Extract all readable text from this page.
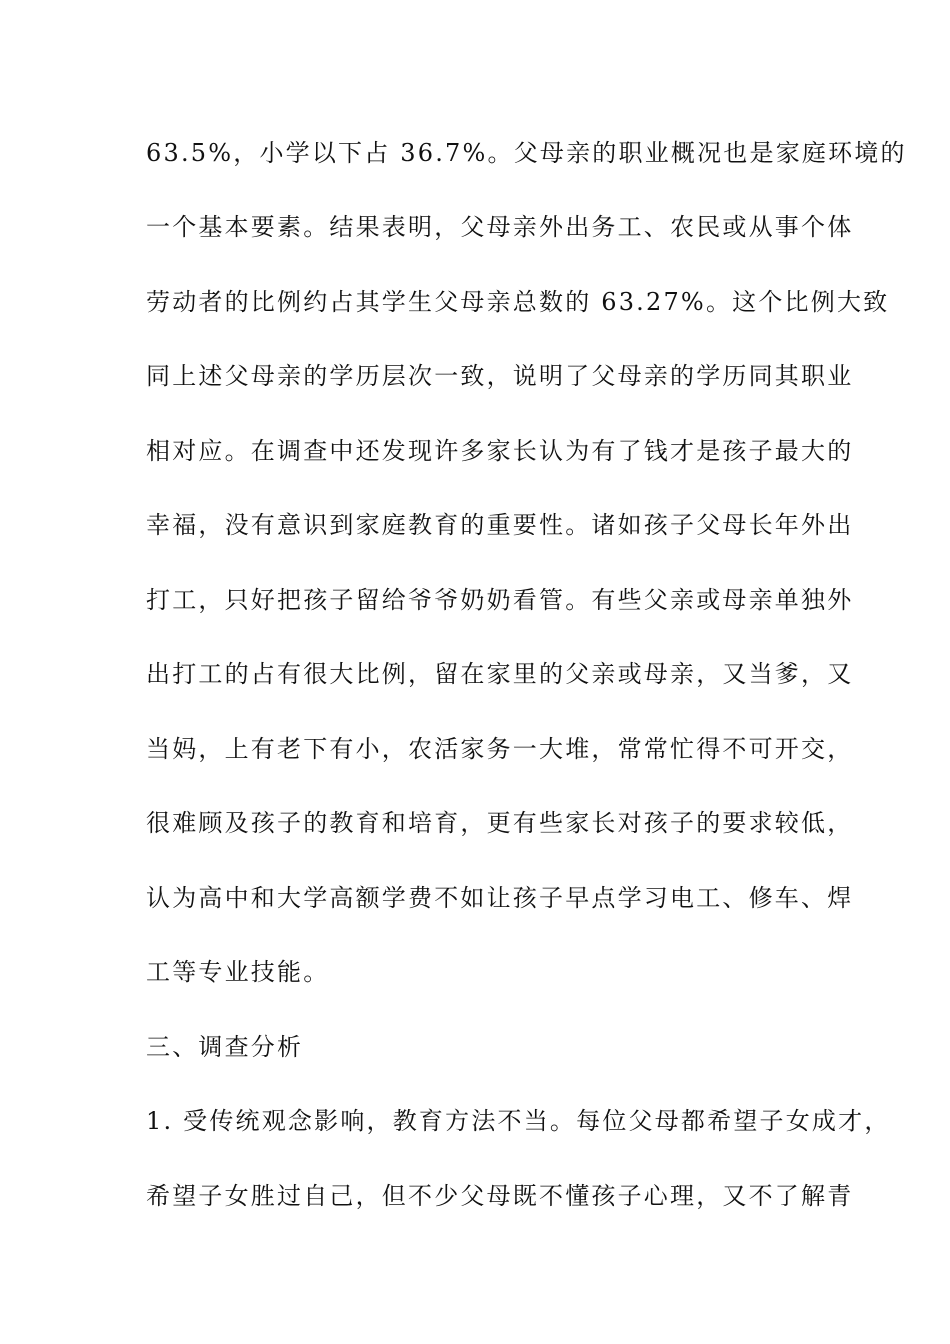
63.5%，小学以下占 36.7%。父母亲的职业概况也是家庭环境的
一个基本要素。结果表明，父母亲外出务工、农民或从事个体
劳动者的比例约占其学生父母亲总数的 63.27%。这个比例大致
同上述父母亲的学历层次一致，说明了父母亲的学历同其职业
相对应。在调查中还发现许多家长认为有了钱才是孩子最大的
幸福，没有意识到家庭教育的重要性。诸如孩子父母长年外出
打工，只好把孩子留给爷爷奶奶看管。有些父亲或母亲单独外
出打工的占有很大比例，留在家里的父亲或母亲，又当爹，又
当妈，上有老下有小，农活家务一大堆，常常忙得不可开交，
很难顾及孩子的教育和培育，更有些家长对孩子的要求较低，
认为高中和大学高额学费不如让孩子早点学习电工、修车、焊
工等专业技能。
三、调查分析
1. 受传统观念影响，教育方法不当。每位父母都希望子女成才，
希望子女胜过自己，但不少父母既不懂孩子心理，又不了解青
